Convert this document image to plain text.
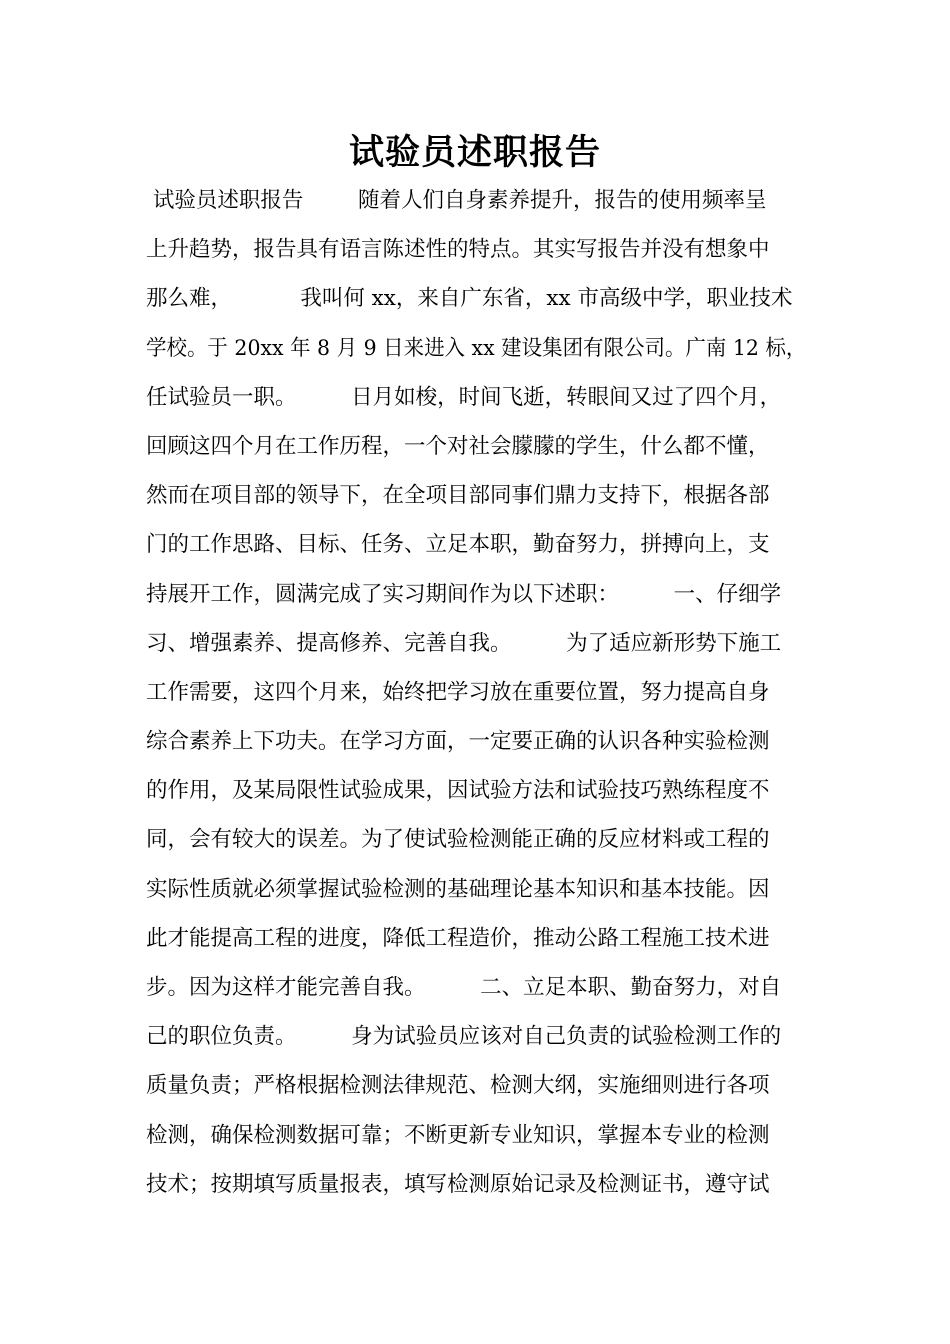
试验员述职报告
试验员述职报告        随着人们自身素养提升，报告的使用频率呈
上升趋势，报告具有语言陈述性的特点。其实写报告并没有想象中
那么难，          我叫何 xx，来自广东省，xx 市高级中学，职业技术
学校。于 20xx 年 8 月 9 日来进入 xx 建设集团有限公司。广南 12 标，
任试验员一职。        日月如梭，时间飞逝，转眼间又过了四个月，
回顾这四个月在工作历程，一个对社会朦朦的学生，什么都不懂，
然而在项目部的领导下，在全项目部同事们鼎力支持下，根据各部
门的工作思路、目标、任务、立足本职，勤奋努力，拼搏向上，支
持展开工作，圆满完成了实习期间作为以下述职：        一、仔细学
习、增强素养、提高修养、完善自我。        为了适应新形势下施工
工作需要，这四个月来，始终把学习放在重要位置，努力提高自身
综合素养上下功夫。在学习方面，一定要正确的认识各种实验检测
的作用，及某局限性试验成果，因试验方法和试验技巧熟练程度不
同，会有较大的误差。为了使试验检测能正确的反应材料或工程的
实际性质就必须掌握试验检测的基础理论基本知识和基本技能。因
此才能提高工程的进度，降低工程造价，推动公路工程施工技术进
步。因为这样才能完善自我。        二、立足本职、勤奋努力，对自
己的职位负责。        身为试验员应该对自己负责的试验检测工作的
质量负责；严格根据检测法律规范、检测大纲，实施细则进行各项
检测，确保检测数据可靠；不断更新专业知识，掌握本专业的检测
技术；按期填写质量报表，填写检测原始记录及检测证书，遵守试
